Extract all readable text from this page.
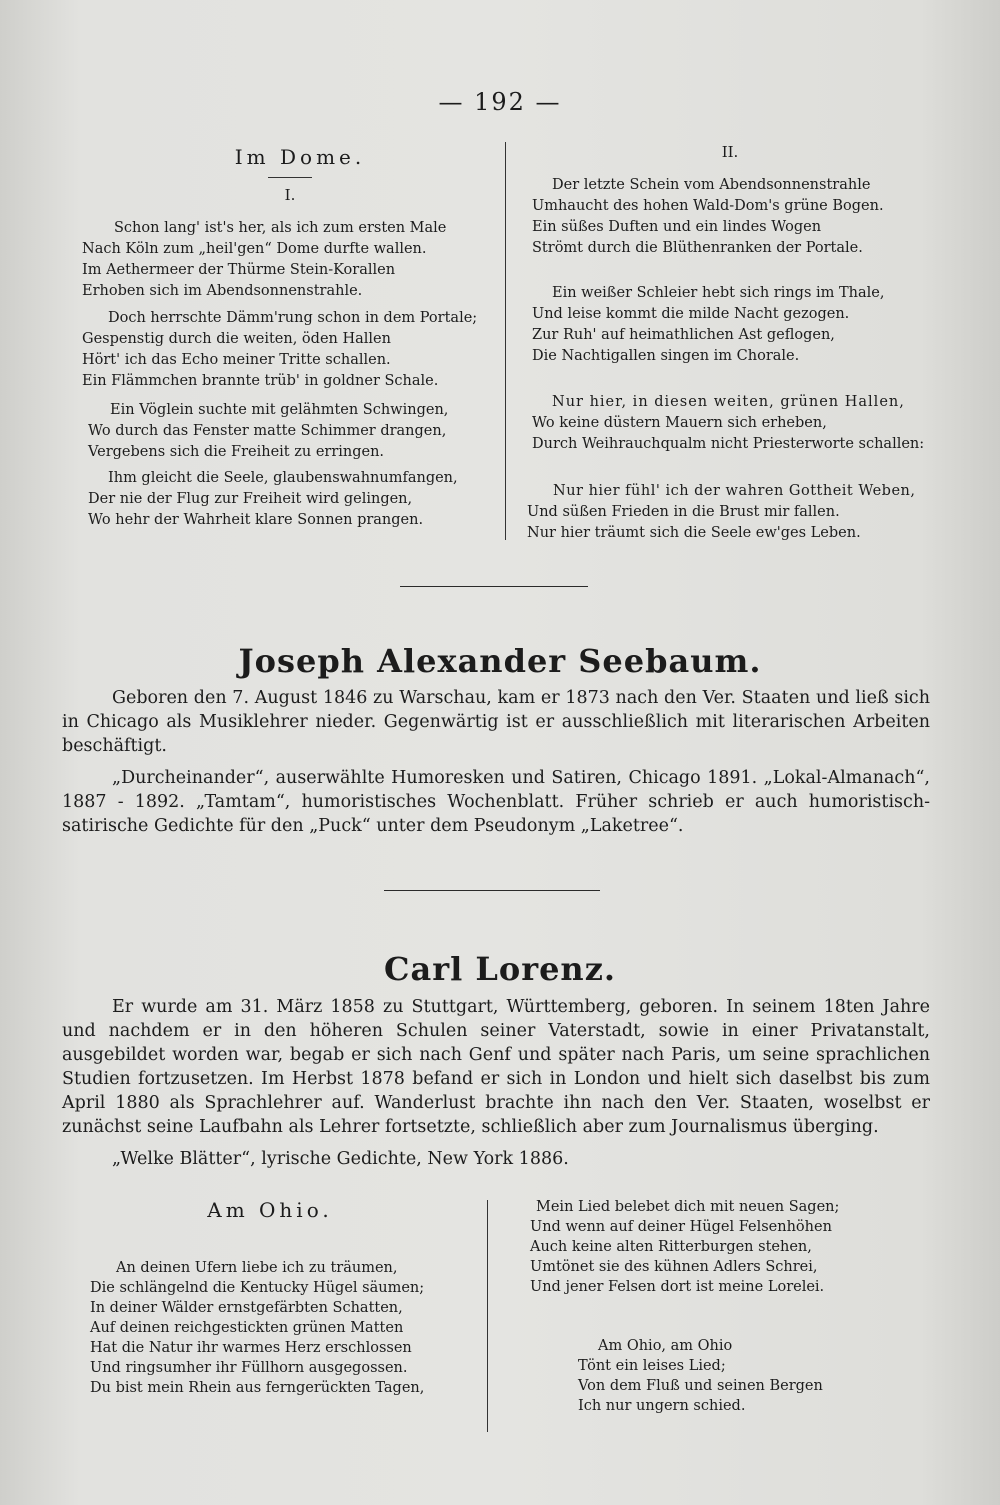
— 192 —
Im Dome.
I.
Schon lang' ist's her, als ich zum ersten Male
Nach Köln zum „heil'gen“ Dome durfte wallen.
Im Aethermeer der Thürme Stein-Korallen
Erhoben sich im Abendsonnenstrahle.
Doch herrschte Dämm'rung schon in dem Portale;
Gespenstig durch die weiten, öden Hallen
Hört' ich das Echo meiner Tritte schallen.
Ein Flämmchen brannte trüb' in goldner Schale.
Ein Vöglein suchte mit gelähmten Schwingen,
Wo durch das Fenster matte Schimmer drangen,
Vergebens sich die Freiheit zu erringen.
Ihm gleicht die Seele, glaubenswahnumfangen,
Der nie der Flug zur Freiheit wird gelingen,
Wo hehr der Wahrheit klare Sonnen prangen.
II.
Der letzte Schein vom Abendsonnenstrahle
Umhaucht des hohen Wald-Dom's grüne Bogen.
Ein süßes Duften und ein lindes Wogen
Strömt durch die Blüthenranken der Portale.
Ein weißer Schleier hebt sich rings im Thale,
Und leise kommt die milde Nacht gezogen.
Zur Ruh' auf heimathlichen Ast geflogen,
Die Nachtigallen singen im Chorale.
Nur hier, in diesen weiten, grünen Hallen,
Wo keine düstern Mauern sich erheben,
Durch Weihrauchqualm nicht Priesterworte schallen:
Nur hier fühl' ich der wahren Gottheit Weben,
Und süßen Frieden in die Brust mir fallen.
Nur hier träumt sich die Seele ew'ges Leben.
Joseph Alexander Seebaum.

Geboren den 7. August 1846 zu Warschau, kam er 1873 nach den Ver. Staaten und ließ sich in Chicago als Musiklehrer nieder. Gegenwärtig ist er ausschließlich mit literarischen Arbeiten beschäftigt.

„Durcheinander“, auserwählte Humoresken und Satiren, Chicago 1891. „Lokal-Almanach“, 1887 - 1892. „Tamtam“, humoristisches Wochenblatt. Früher schrieb er auch humoristisch-satirische Gedichte für den „Puck“ unter dem Pseudonym „Laketree“.

Carl Lorenz.

Er wurde am 31. März 1858 zu Stuttgart, Württemberg, geboren. In seinem 18ten Jahre und nachdem er in den höheren Schulen seiner Vaterstadt, sowie in einer Privatanstalt, ausgebildet worden war, begab er sich nach Genf und später nach Paris, um seine sprachlichen Studien fortzusetzen. Im Herbst 1878 befand er sich in London und hielt sich daselbst bis zum April 1880 als Sprachlehrer auf. Wanderlust brachte ihn nach den Ver. Staaten, woselbst er zunächst seine Laufbahn als Lehrer fortsetzte, schließlich aber zum Journalismus überging.

„Welke Blätter“, lyrische Gedichte, New York 1886.

Am Ohio.
An deinen Ufern liebe ich zu träumen,
Die schlängelnd die Kentucky Hügel säumen;
In deiner Wälder ernstgefärbten Schatten,
Auf deinen reichgestickten grünen Matten
Hat die Natur ihr warmes Herz erschlossen
Und ringsumher ihr Füllhorn ausgegossen.
Du bist mein Rhein aus ferngerückten Tagen,
Mein Lied belebet dich mit neuen Sagen;
Und wenn auf deiner Hügel Felsenhöhen
Auch keine alten Ritterburgen stehen,
Umtönet sie des kühnen Adlers Schrei,
Und jener Felsen dort ist meine Lorelei.
Am Ohio, am Ohio
Tönt ein leises Lied;
Von dem Fluß und seinen Bergen
Ich nur ungern schied.
